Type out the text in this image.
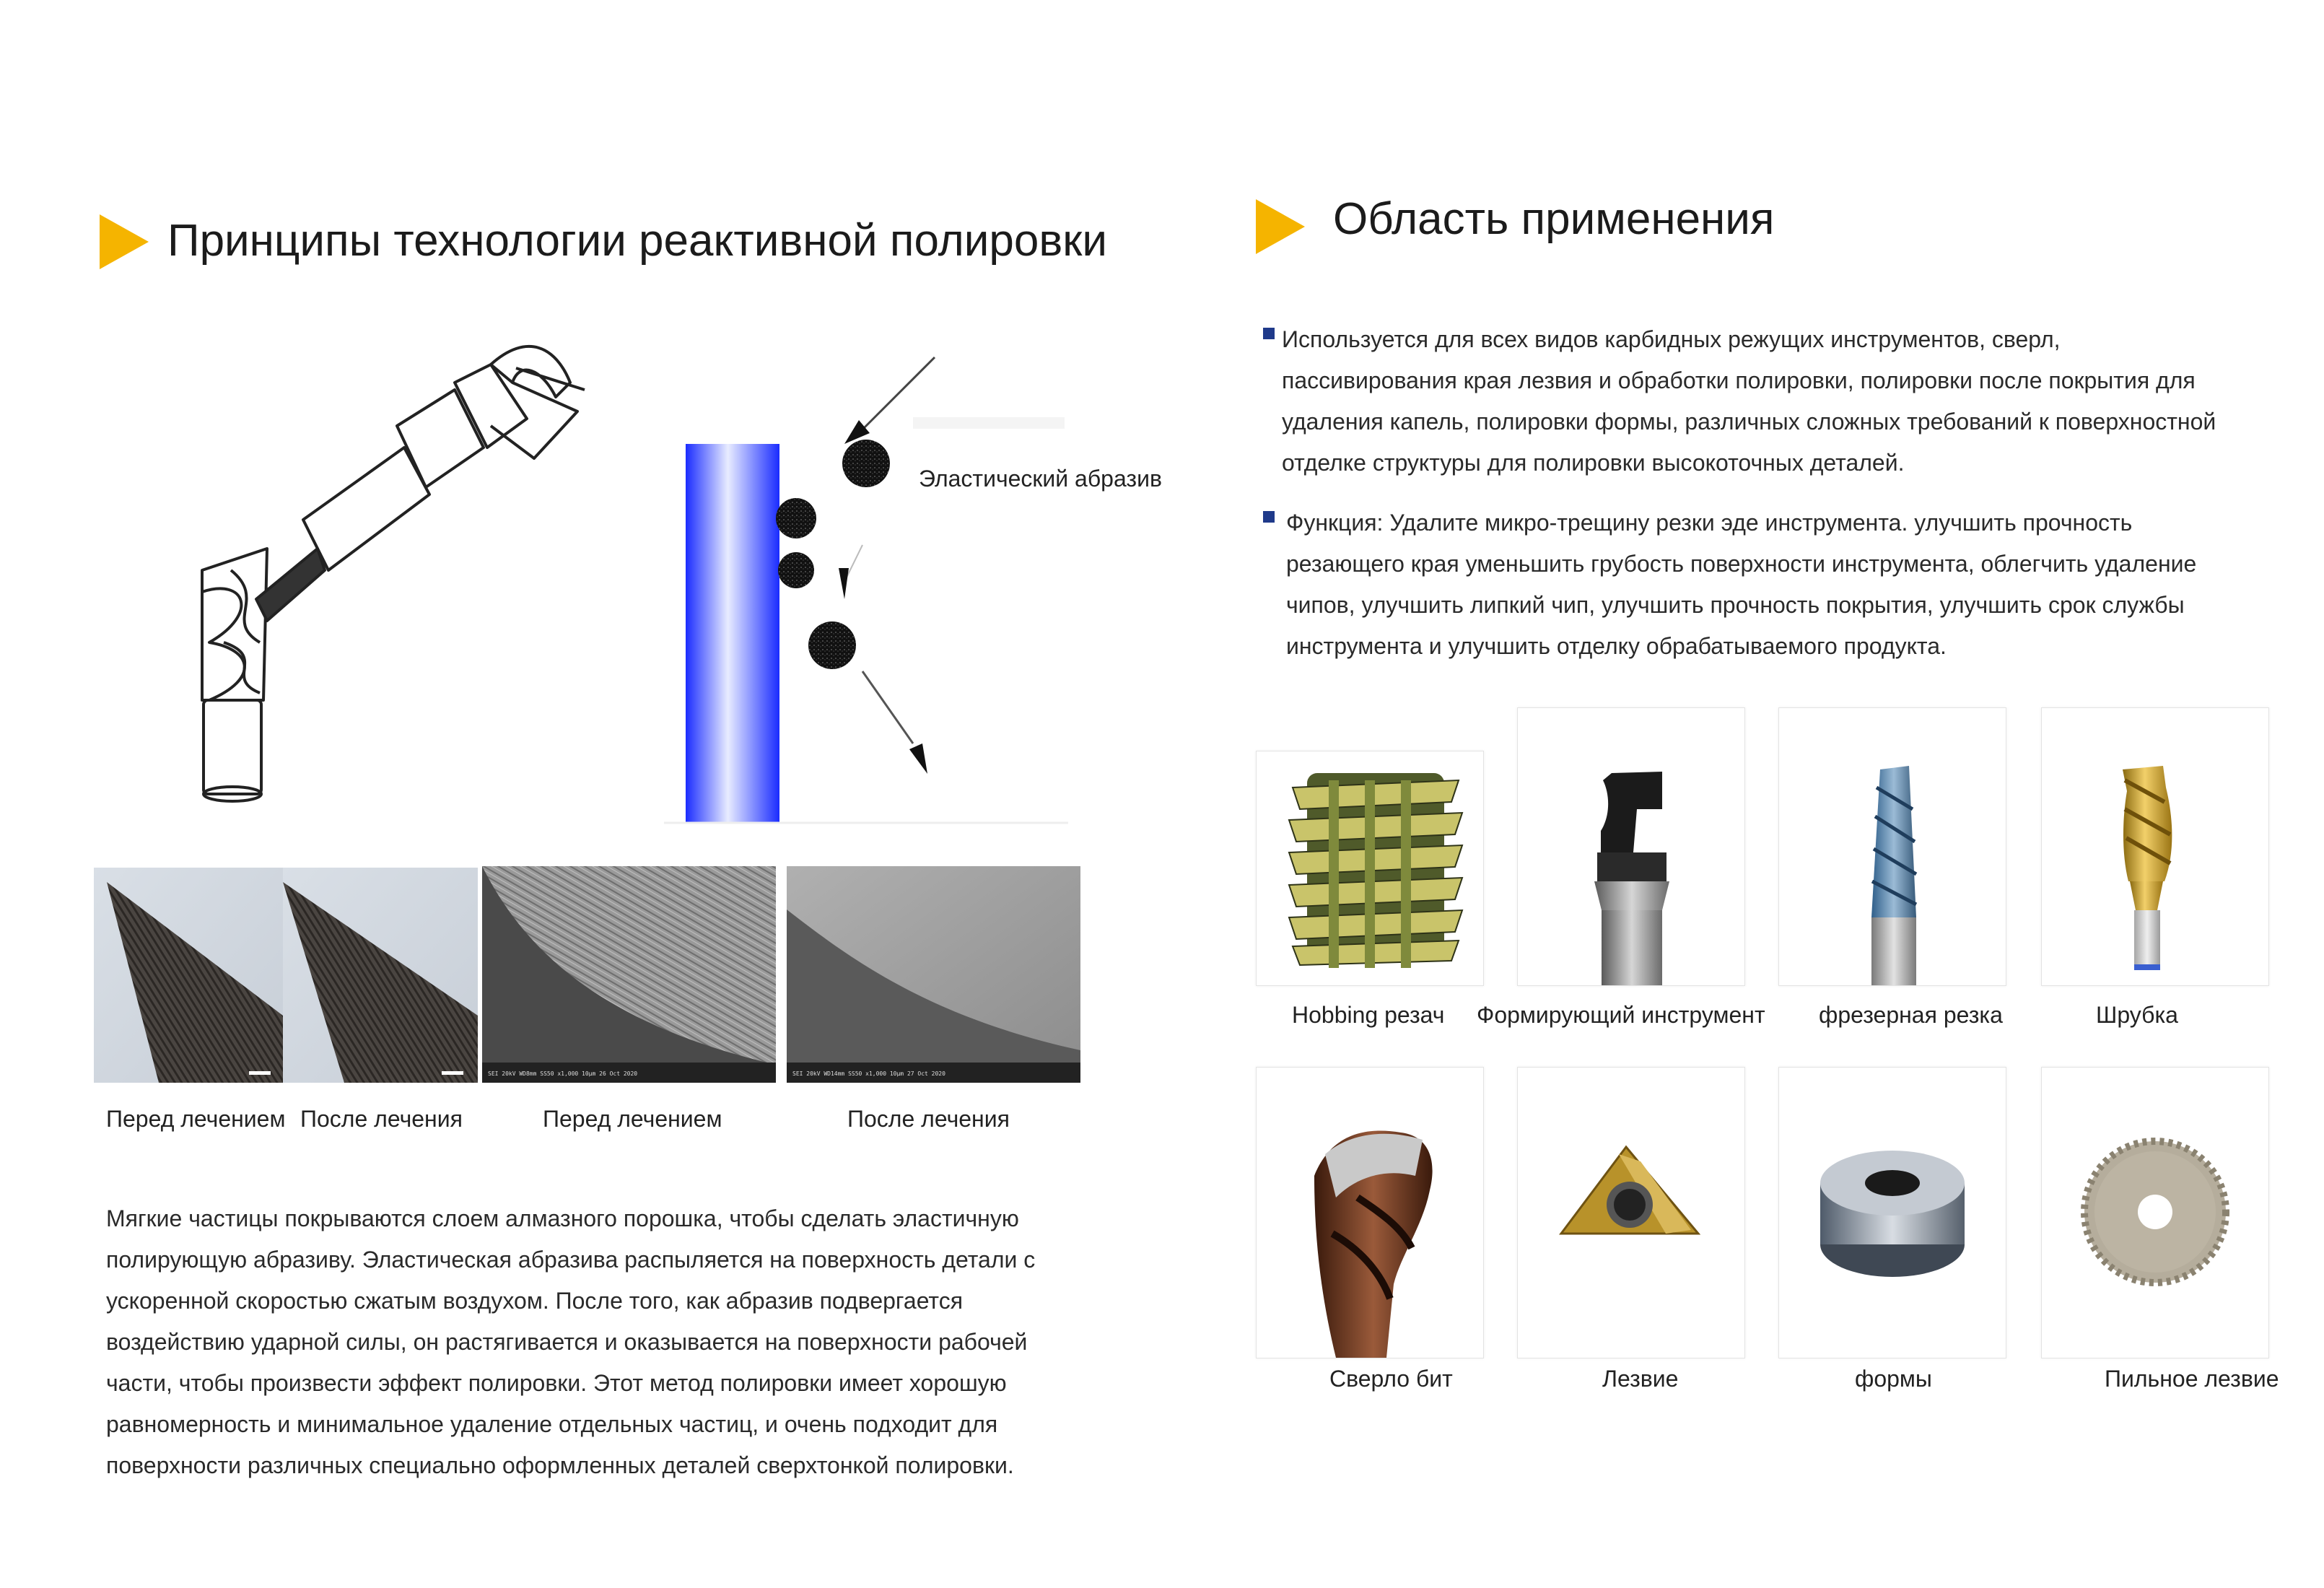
Принципы технологии реактивной полировки
Эластический абразив
SEI 20kV WD8mm SS50 x1,000 10μm 26 Oct 2020	SEI 20kV WD14mm SS50 x1,000 10μm 27 Oct 2020
Перед лечением После лечения	Перед лечением	После лечения
Мягкие частицы покрываются слоем алмазного порошка, чтобы сделать эластичную полирующую абразиву. Эластическая абразива распыляется на поверхность детали с ускоренной скоростью сжатым воздухом. После того, как абразив подвергается воздействию ударной силы, он растягивается и оказывается на поверхности рабочей части, чтобы произвести эффект полировки. Этот метод полировки имеет хорошую равномерность и минимальное удаление отдельных частиц, и очень подходит для поверхности различных специально оформленных деталей сверхтонкой полировки.
Область применения
Используется для всех видов карбидных режущих инструментов, сверл, пассивирования края лезвия и обработки полировки, полировки после покрытия для удаления капель, полировки формы, различных сложных требований к поверхностной отделке структуры для полировки высокоточных деталей.
Функция: Удалите микро-трещину резки эде инструмента. улучшить прочность резающего края уменьшить грубость поверхности инструмента, облегчить удаление чипов, улучшить липкий чип, улучшить прочность покрытия, улучшить срок службы инструмента и улучшить отделку обрабатываемого продукта.
Hobbing резач	Формирующий инструмент фрезерная резка	Шрубка
Сверло бит	Лезвие	формы	Пильное лезвие
